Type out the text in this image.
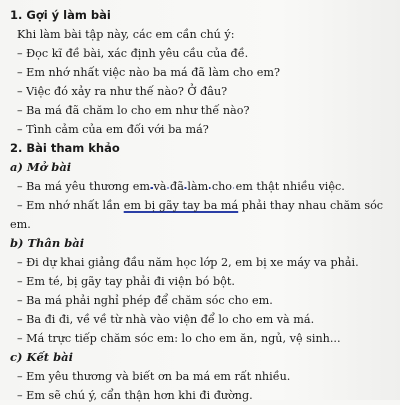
1. Gợi ý làm bài
Khi làm bài tập này, các em cần chú ý:
– Đọc kĩ đề bài, xác định yêu cầu của đề.
– Em nhớ nhất việc nào ba má đã làm cho em?
– Việc đó xảy ra như thế nào? Ở đâu?
– Ba má đã chăm lo cho em như thế nào?
– Tình cảm của em đối với ba má?
2. Bài tham khảo
a) Mở bài
– Ba má yêu thương em và đã làm cho em thật nhiều việc.
– Em nhớ nhất lần em bị gãy tay ba má phải thay nhau chăm sóc
em.
b) Thân bài
– Đi dự khai giảng đầu năm học lớp 2, em bị xe máy va phải.
– Em té, bị gãy tay phải đi viện bó bột.
– Ba má phải nghỉ phép để chăm sóc cho em.
– Ba đi đi, về về từ nhà vào viện để lo cho em và má.
– Má trực tiếp chăm sóc em: lo cho em ăn, ngủ, vệ sinh...
c) Kết bài
– Em yêu thương và biết ơn ba má em rất nhiều.
– Em sẽ chú ý, cẩn thận hơn khi đi đường.
